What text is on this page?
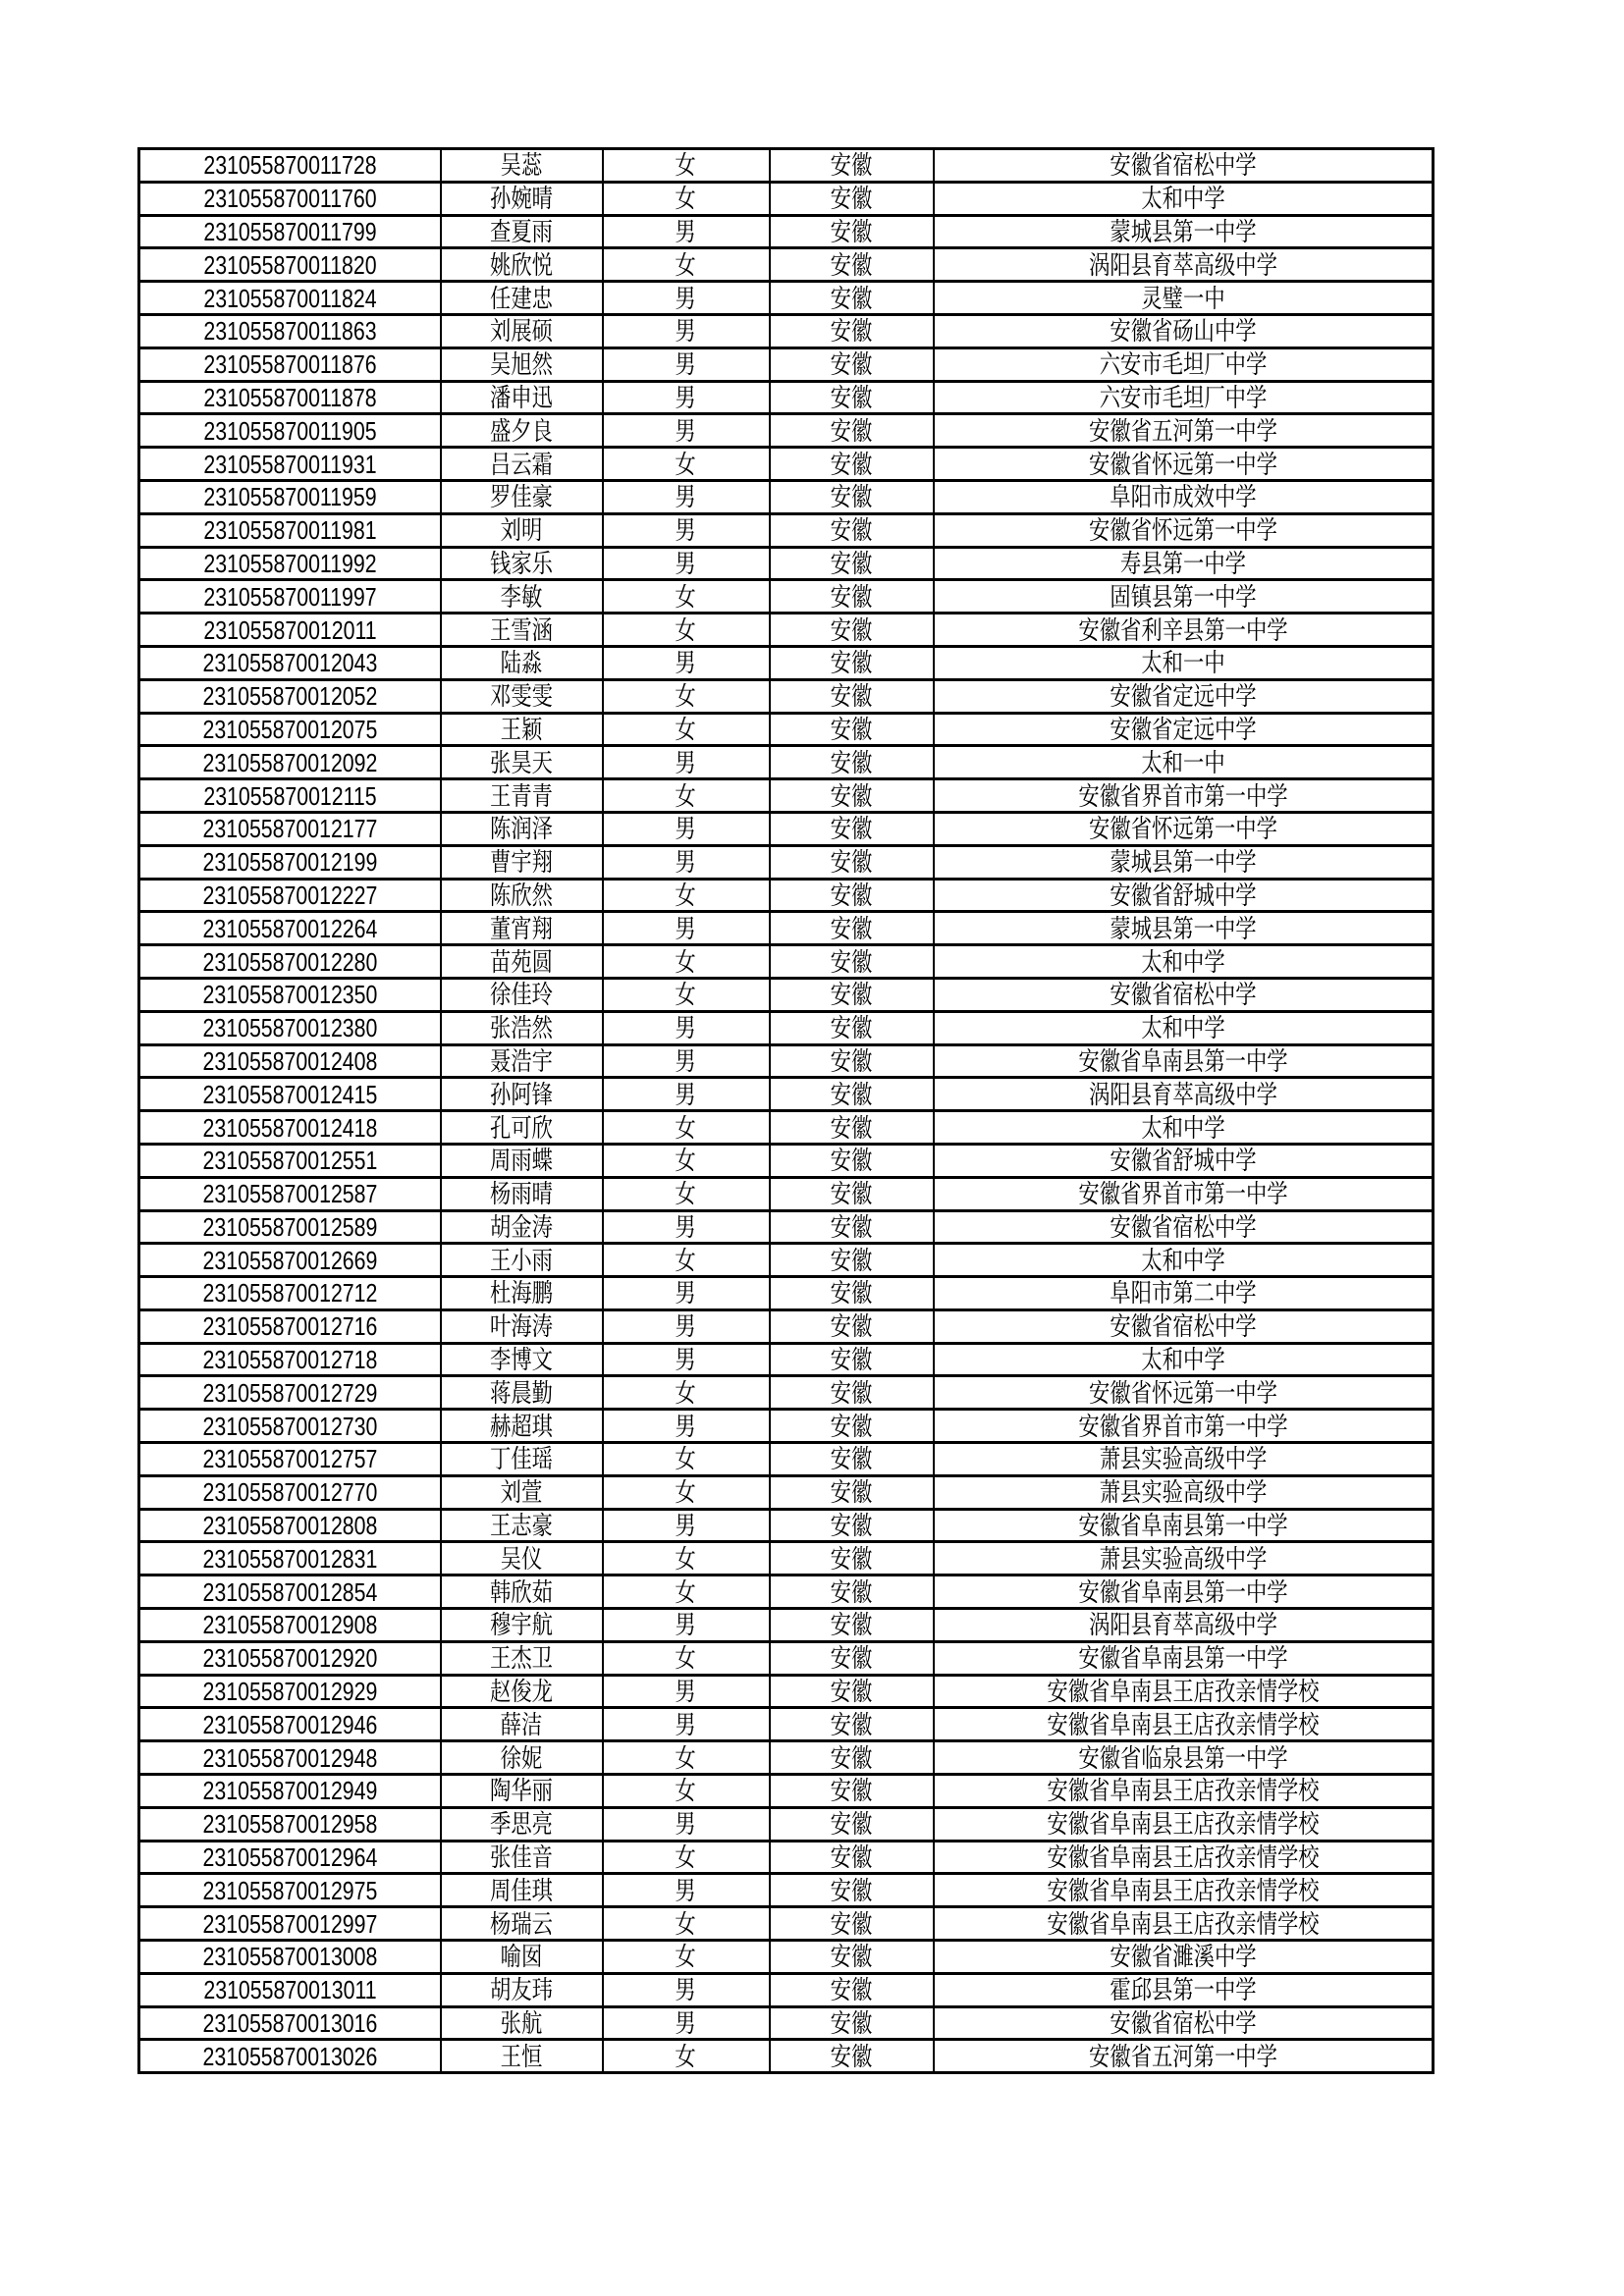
231055870011728	吴蕊	女	安徽	安徽省宿松中学
231055870011760	孙婉晴	女	安徽	太和中学
231055870011799	查夏雨	男	安徽	蒙城县第一中学
231055870011820	姚欣悦	女	安徽	涡阳县育萃高级中学
231055870011824	任建忠	男	安徽	灵璧一中
231055870011863	刘展硕	男	安徽	安徽省砀山中学
231055870011876	吴旭然	男	安徽	六安市毛坦厂中学
231055870011878	潘申迅	男	安徽	六安市毛坦厂中学
231055870011905	盛夕良	男	安徽	安徽省五河第一中学
231055870011931	吕云霜	女	安徽	安徽省怀远第一中学
231055870011959	罗佳豪	男	安徽	阜阳市成效中学
231055870011981	刘明	男	安徽	安徽省怀远第一中学
231055870011992	钱家乐	男	安徽	寿县第一中学
231055870011997	李敏	女	安徽	固镇县第一中学
231055870012011	王雪涵	女	安徽	安徽省利辛县第一中学
231055870012043	陆淼	男	安徽	太和一中
231055870012052	邓雯雯	女	安徽	安徽省定远中学
231055870012075	王颖	女	安徽	安徽省定远中学
231055870012092	张昊天	男	安徽	太和一中
231055870012115	王青青	女	安徽	安徽省界首市第一中学
231055870012177	陈润泽	男	安徽	安徽省怀远第一中学
231055870012199	曹宇翔	男	安徽	蒙城县第一中学
231055870012227	陈欣然	女	安徽	安徽省舒城中学
231055870012264	董宵翔	男	安徽	蒙城县第一中学
231055870012280	苗苑圆	女	安徽	太和中学
231055870012350	徐佳玲	女	安徽	安徽省宿松中学
231055870012380	张浩然	男	安徽	太和中学
231055870012408	聂浩宇	男	安徽	安徽省阜南县第一中学
231055870012415	孙阿锋	男	安徽	涡阳县育萃高级中学
231055870012418	孔可欣	女	安徽	太和中学
231055870012551	周雨蝶	女	安徽	安徽省舒城中学
231055870012587	杨雨晴	女	安徽	安徽省界首市第一中学
231055870012589	胡金涛	男	安徽	安徽省宿松中学
231055870012669	王小雨	女	安徽	太和中学
231055870012712	杜海鹏	男	安徽	阜阳市第二中学
231055870012716	叶海涛	男	安徽	安徽省宿松中学
231055870012718	李博文	男	安徽	太和中学
231055870012729	蒋晨勤	女	安徽	安徽省怀远第一中学
231055870012730	赫超琪	男	安徽	安徽省界首市第一中学
231055870012757	丁佳瑶	女	安徽	萧县实验高级中学
231055870012770	刘萱	女	安徽	萧县实验高级中学
231055870012808	王志豪	男	安徽	安徽省阜南县第一中学
231055870012831	吴仪	女	安徽	萧县实验高级中学
231055870012854	韩欣茹	女	安徽	安徽省阜南县第一中学
231055870012908	穆宇航	男	安徽	涡阳县育萃高级中学
231055870012920	王杰卫	女	安徽	安徽省阜南县第一中学
231055870012929	赵俊龙	男	安徽	安徽省阜南县王店孜亲情学校
231055870012946	薛洁	男	安徽	安徽省阜南县王店孜亲情学校
231055870012948	徐妮	女	安徽	安徽省临泉县第一中学
231055870012949	陶华丽	女	安徽	安徽省阜南县王店孜亲情学校
231055870012958	季思亮	男	安徽	安徽省阜南县王店孜亲情学校
231055870012964	张佳音	女	安徽	安徽省阜南县王店孜亲情学校
231055870012975	周佳琪	男	安徽	安徽省阜南县王店孜亲情学校
231055870012997	杨瑞云	女	安徽	安徽省阜南县王店孜亲情学校
231055870013008	喻囡	女	安徽	安徽省濉溪中学
231055870013011	胡友玮	男	安徽	霍邱县第一中学
231055870013016	张航	男	安徽	安徽省宿松中学
231055870013026	王恒	女	安徽	安徽省五河第一中学
